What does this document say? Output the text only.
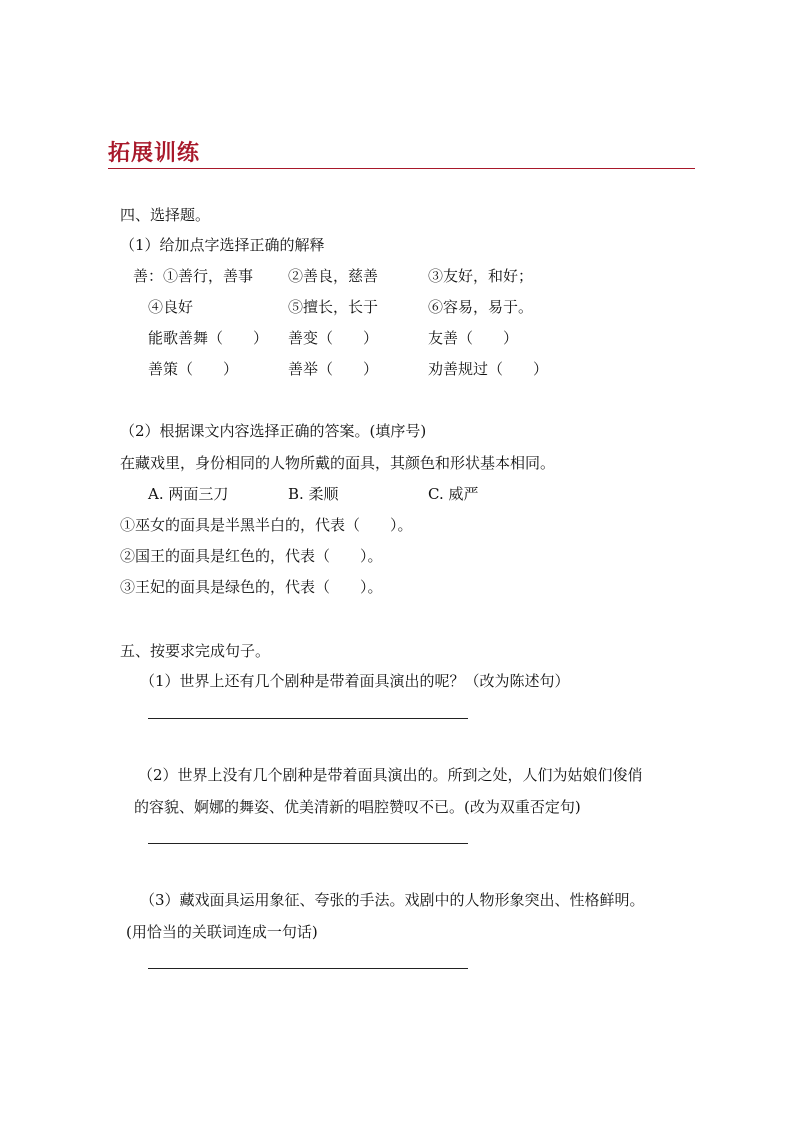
拓展训练
四、选择题。
（1）给加点字选择正确的解释
善：①善行，善事 ②善良，慈善	③友好，和好；
④良好	⑤擅长，长于	⑥容易，易于。
能歌善舞（　　） 善变（　　）	友善（　　）
善策（　　）	善举（　　）	劝善规过（　　）
（2）根据课文内容选择正确的答案。(填序号)
在藏戏里，身份相同的人物所戴的面具，其颜色和形状基本相同。
A. 两面三刀	B. 柔顺	C. 威严
①巫女的面具是半黑半白的，代表（　　）。
②国王的面具是红色的，代表（　　）。
③王妃的面具是绿色的，代表（　　）。
五、按要求完成句子。
（1）世界上还有几个剧种是带着面具演出的呢？（改为陈述句）
（2）世界上没有几个剧种是带着面具演出的。所到之处，人们为姑娘们俊俏
的容貌、婀娜的舞姿、优美清新的唱腔赞叹不已。(改为双重否定句)
（3）藏戏面具运用象征、夸张的手法。戏剧中的人物形象突出、性格鲜明。
(用恰当的关联词连成一句话)
